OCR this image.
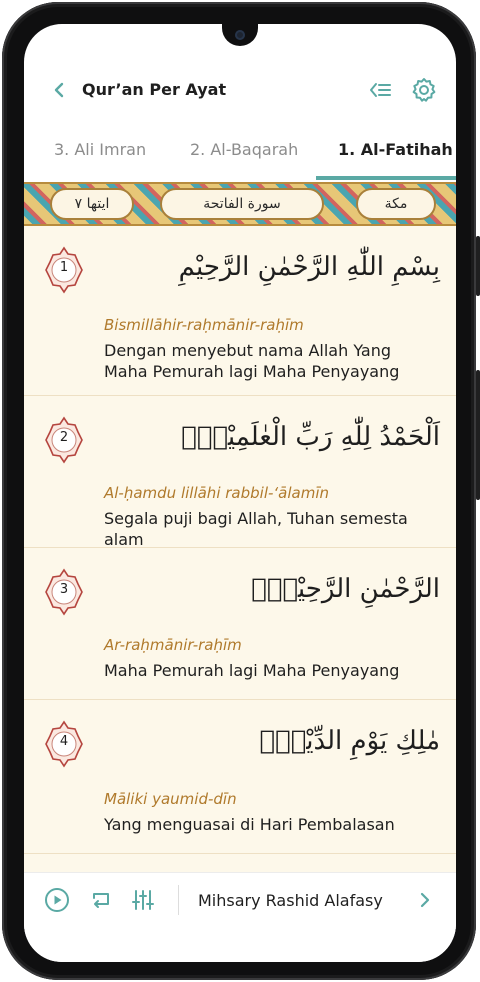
Qur’an Per Ayat
3. Ali Imran	2. Al-Baqarah 1. Al-Fatihah
ايتها ٧	سورة الفاتحة	مكة
1	بِسْمِ اللّٰهِ الرَّحْمٰنِ الرَّحِيْمِ
Bismillāhir-raḥmānir-raḥīm
Dengan menyebut nama Allah Yang Maha Pemurah lagi Maha Penyayang
2	اَلْحَمْدُ لِلّٰهِ رَبِّ الْعٰلَمِيْنَۙ
Al-ḥamdu lillāhi rabbil-‘ālamīn
Segala puji bagi Allah, Tuhan semesta alam
3	الرَّحْمٰنِ الرَّحِيْمِۙ
Ar-raḥmānir-raḥīm
Maha Pemurah lagi Maha Penyayang
4	مٰلِكِ يَوْمِ الدِّيْنِۗ
Māliki yaumid-dīn
Yang menguasai di Hari Pembalasan
Mihsary Rashid Alafasy
